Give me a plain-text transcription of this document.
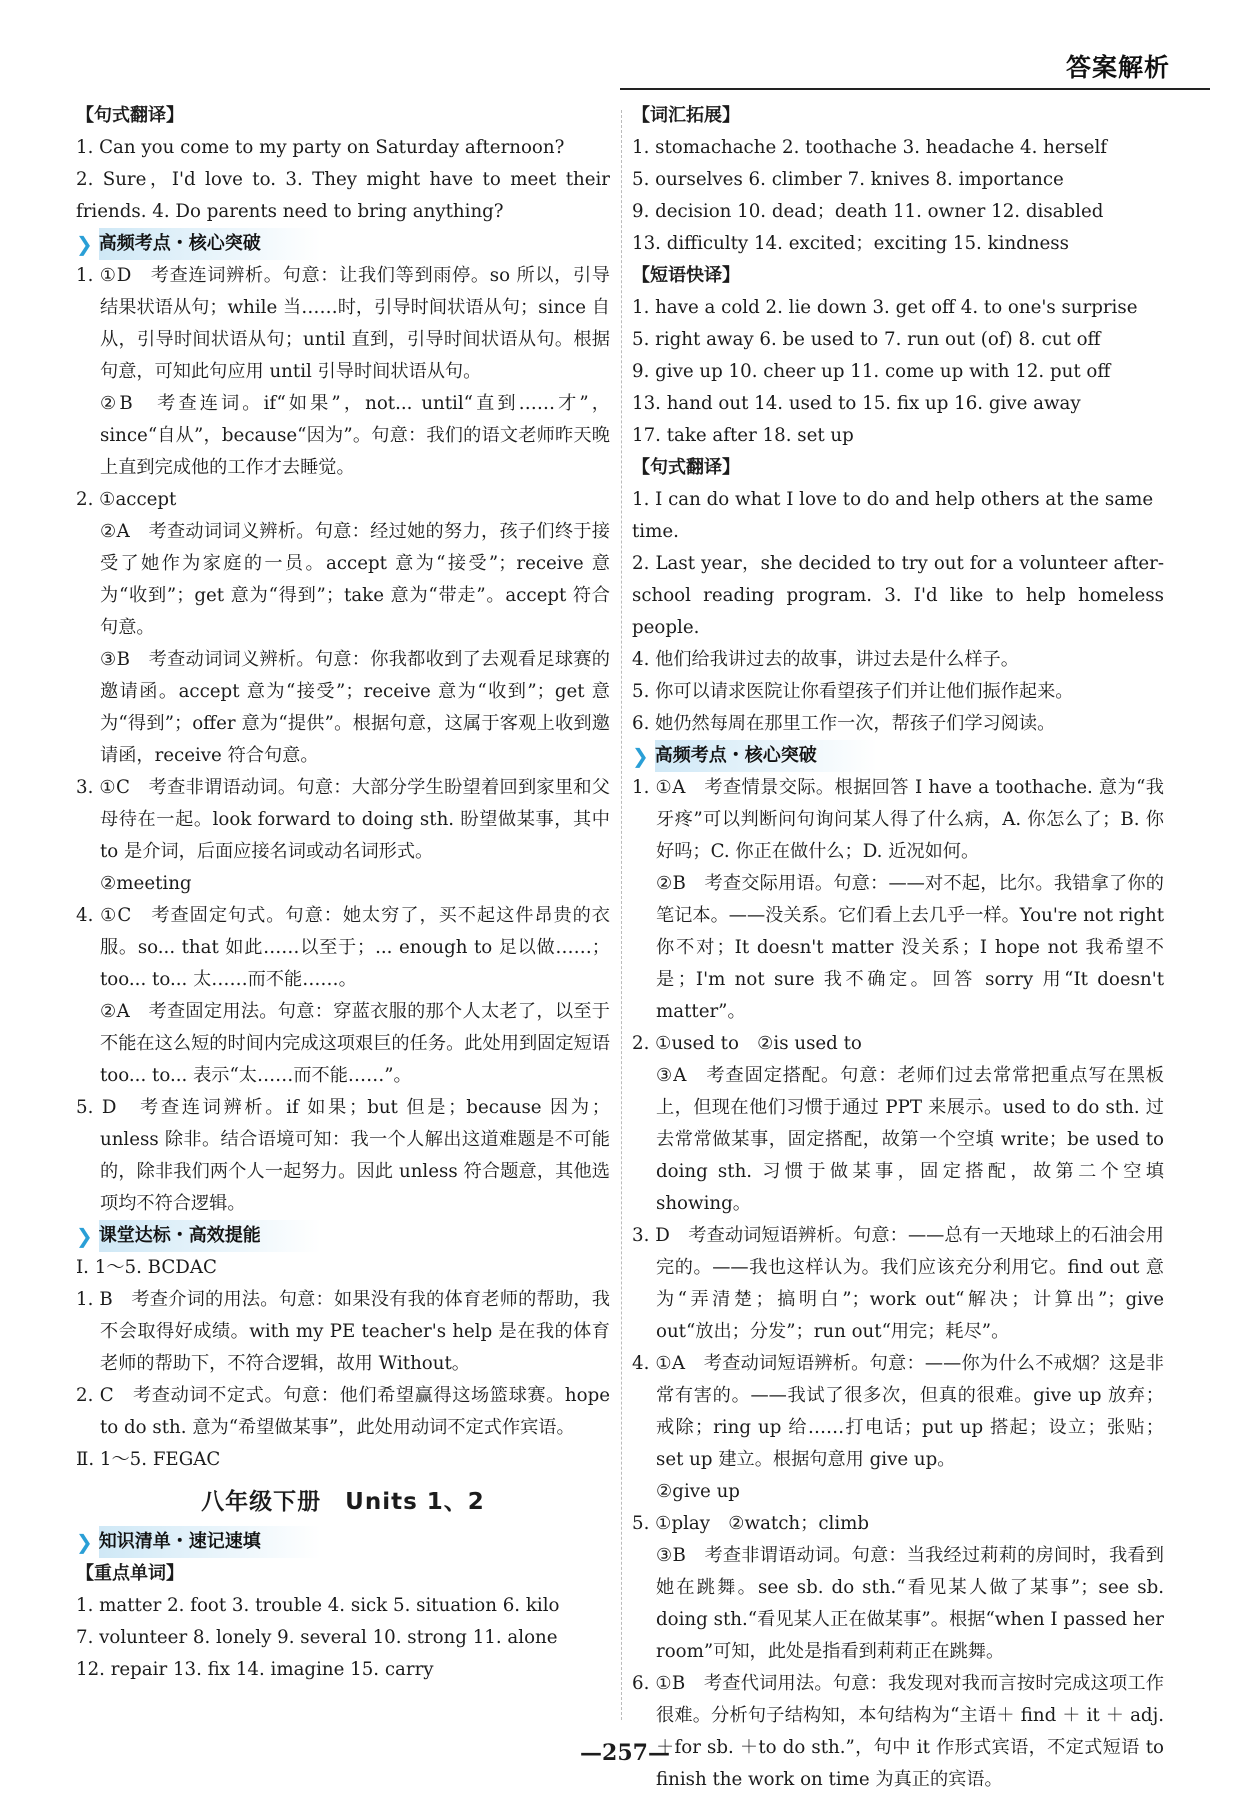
答案解析

【句式翻译】

1. Can you come to my party on Saturday afternoon?

2. Sure，I'd love to. 3. They might have to meet their friends. 4. Do parents need to bring anything?

❯ 高频考点・核心突破

1. ①D　考查连词辨析。句意：让我们等到雨停。so 所以，引导结果状语从句；while 当……时，引导时间状语从句；since 自从，引导时间状语从句；until 直到，引导时间状语从句。根据句意，可知此句应用 until 引导时间状语从句。

②B　考查连词。if“如果”，not... until“直到……才”，since“自从”，because“因为”。句意：我们的语文老师昨天晚上直到完成他的工作才去睡觉。

2. ①accept

②A　考查动词词义辨析。句意：经过她的努力，孩子们终于接受了她作为家庭的一员。accept 意为“接受”；receive 意为“收到”；get 意为“得到”；take 意为“带走”。accept 符合句意。

③B　考查动词词义辨析。句意：你我都收到了去观看足球赛的邀请函。accept 意为“接受”；receive 意为“收到”；get 意为“得到”；offer 意为“提供”。根据句意，这属于客观上收到邀请函，receive 符合句意。

3. ①C　考查非谓语动词。句意：大部分学生盼望着回到家里和父母待在一起。look forward to doing sth. 盼望做某事，其中 to 是介词，后面应接名词或动名词形式。

②meeting

4. ①C　考查固定句式。句意：她太穷了，买不起这件昂贵的衣服。so... that 如此……以至于；... enough to 足以做……；too... to... 太……而不能……。

②A　考查固定用法。句意：穿蓝衣服的那个人太老了，以至于不能在这么短的时间内完成这项艰巨的任务。此处用到固定短语 too... to... 表示“太……而不能……”。

5. D　考查连词辨析。if 如果；but 但是；because 因为；unless 除非。结合语境可知：我一个人解出这道难题是不可能的，除非我们两个人一起努力。因此 unless 符合题意，其他选项均不符合逻辑。

❯ 课堂达标・高效提能

Ⅰ. 1～5. BCDAC

1. B　考查介词的用法。句意：如果没有我的体育老师的帮助，我不会取得好成绩。with my PE teacher's help 是在我的体育老师的帮助下，不符合逻辑，故用 Without。

2. C　考查动词不定式。句意：他们希望赢得这场篮球赛。hope to do sth. 意为“希望做某事”，此处用动词不定式作宾语。

Ⅱ. 1～5. FEGAC

八年级下册　Units 1、2
❯ 知识清单・速记速填

【重点单词】

1. matter 2. foot 3. trouble 4. sick 5. situation 6. kilo

7. volunteer 8. lonely 9. several 10. strong 11. alone

12. repair 13. fix 14. imagine 15. carry

【词汇拓展】

1. stomachache 2. toothache 3. headache 4. herself

5. ourselves 6. climber 7. knives 8. importance

9. decision 10. dead；death 11. owner 12. disabled

13. difficulty 14. excited；exciting 15. kindness

【短语快译】

1. have a cold 2. lie down 3. get off 4. to one's surprise

5. right away 6. be used to 7. run out (of) 8. cut off

9. give up 10. cheer up 11. come up with 12. put off

13. hand out 14. used to 15. fix up 16. give away

17. take after 18. set up

【句式翻译】

1. I can do what I love to do and help others at the same time.

2. Last year，she decided to try out for a volunteer after-school reading program. 3. I'd like to help homeless people.

4. 他们给我讲过去的故事，讲过去是什么样子。

5. 你可以请求医院让你看望孩子们并让他们振作起来。

6. 她仍然每周在那里工作一次，帮孩子们学习阅读。

❯ 高频考点・核心突破

1. ①A　考查情景交际。根据回答 I have a toothache. 意为“我牙疼”可以判断问句询问某人得了什么病，A. 你怎么了；B. 你好吗；C. 你正在做什么；D. 近况如何。

②B　考查交际用语。句意：——对不起，比尔。我错拿了你的笔记本。——没关系。它们看上去几乎一样。You're not right 你不对；It doesn't matter 没关系；I hope not 我希望不是；I'm not sure 我不确定。回答 sorry 用“It doesn't matter”。

2. ①used to　②is used to

③A　考查固定搭配。句意：老师们过去常常把重点写在黑板上，但现在他们习惯于通过 PPT 来展示。used to do sth. 过去常常做某事，固定搭配，故第一个空填 write；be used to doing sth. 习惯于做某事，固定搭配，故第二个空填 showing。

3. D　考查动词短语辨析。句意：——总有一天地球上的石油会用完的。——我也这样认为。我们应该充分利用它。find out 意为“弄清楚；搞明白”；work out“解决；计算出”；give out“放出；分发”；run out“用完；耗尽”。

4. ①A　考查动词短语辨析。句意：——你为什么不戒烟？这是非常有害的。——我试了很多次，但真的很难。give up 放弃；戒除；ring up 给……打电话；put up 搭起；设立；张贴；set up 建立。根据句意用 give up。

②give up

5. ①play　②watch；climb

③B　考查非谓语动词。句意：当我经过莉莉的房间时，我看到她在跳舞。see sb. do sth.“看见某人做了某事”；see sb. doing sth.“看见某人正在做某事”。根据“when I passed her room”可知，此处是指看到莉莉正在跳舞。

6. ①B　考查代词用法。句意：我发现对我而言按时完成这项工作很难。分析句子结构知，本句结构为“主语＋ find ＋ it ＋ adj. ＋for sb. ＋to do sth.”，句中 it 作形式宾语，不定式短语 to finish the work on time 为真正的宾语。

—257—
